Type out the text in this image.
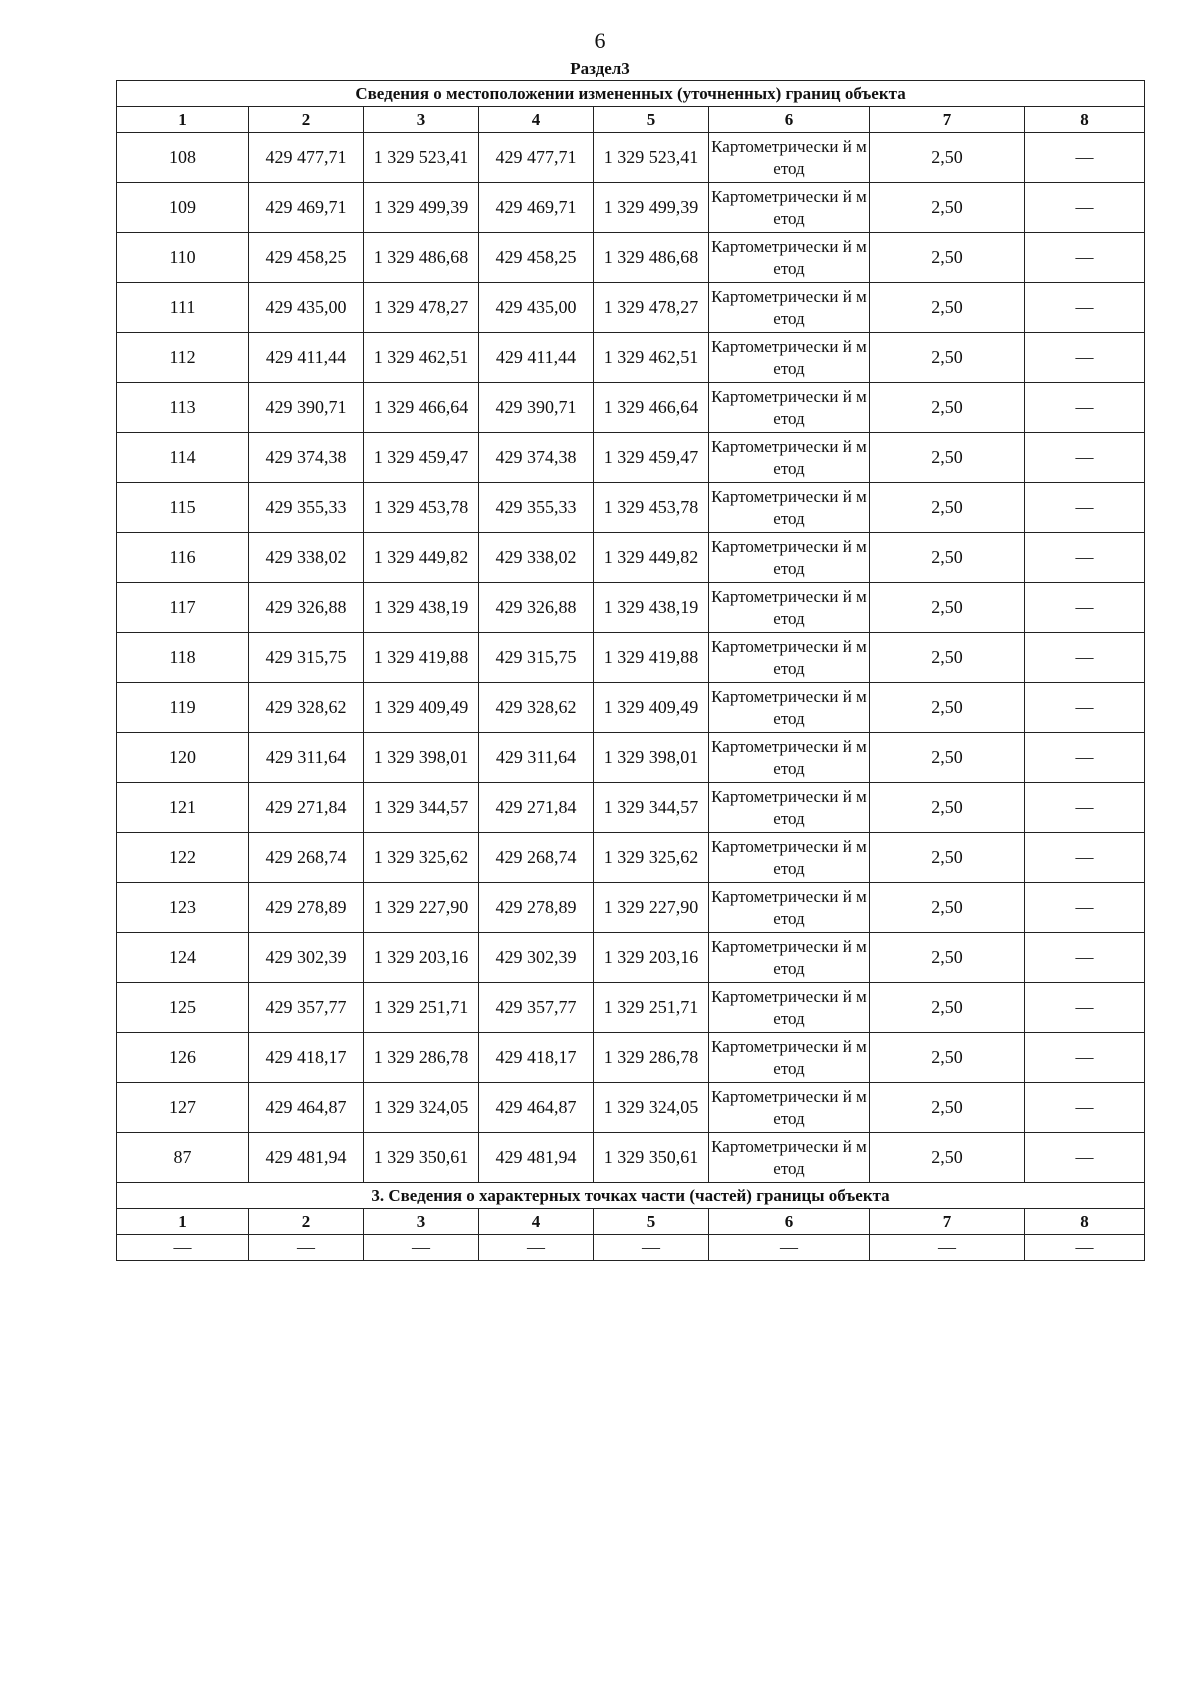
6
Раздел3
Сведения о местоположении измененных (уточненных) границ объекта							
1	2	3	4	5	6	7	8
108	429 477,71	1 329 523,41	429 477,71	1 329 523,41	Картометрически й метод	2,50	—
109	429 469,71	1 329 499,39	429 469,71	1 329 499,39	Картометрически й метод	2,50	—
110	429 458,25	1 329 486,68	429 458,25	1 329 486,68	Картометрически й метод	2,50	—
111	429 435,00	1 329 478,27	429 435,00	1 329 478,27	Картометрически й метод	2,50	—
112	429 411,44	1 329 462,51	429 411,44	1 329 462,51	Картометрически й метод	2,50	—
113	429 390,71	1 329 466,64	429 390,71	1 329 466,64	Картометрически й метод	2,50	—
114	429 374,38	1 329 459,47	429 374,38	1 329 459,47	Картометрически й метод	2,50	—
115	429 355,33	1 329 453,78	429 355,33	1 329 453,78	Картометрически й метод	2,50	—
116	429 338,02	1 329 449,82	429 338,02	1 329 449,82	Картометрически й метод	2,50	—
117	429 326,88	1 329 438,19	429 326,88	1 329 438,19	Картометрически й метод	2,50	—
118	429 315,75	1 329 419,88	429 315,75	1 329 419,88	Картометрически й метод	2,50	—
119	429 328,62	1 329 409,49	429 328,62	1 329 409,49	Картометрически й метод	2,50	—
120	429 311,64	1 329 398,01	429 311,64	1 329 398,01	Картометрически й метод	2,50	—
121	429 271,84	1 329 344,57	429 271,84	1 329 344,57	Картометрически й метод	2,50	—
122	429 268,74	1 329 325,62	429 268,74	1 329 325,62	Картометрически й метод	2,50	—
123	429 278,89	1 329 227,90	429 278,89	1 329 227,90	Картометрически й метод	2,50	—
124	429 302,39	1 329 203,16	429 302,39	1 329 203,16	Картометрически й метод	2,50	—
125	429 357,77	1 329 251,71	429 357,77	1 329 251,71	Картометрически й метод	2,50	—
126	429 418,17	1 329 286,78	429 418,17	1 329 286,78	Картометрически й метод	2,50	—
127	429 464,87	1 329 324,05	429 464,87	1 329 324,05	Картометрически й метод	2,50	—
87	429 481,94	1 329 350,61	429 481,94	1 329 350,61	Картометрически й метод	2,50	—
3. Сведения о характерных точках части (частей) границы объекта							
1	2	3	4	5	6	7	8
—	—	—	—	—	—	—	—
